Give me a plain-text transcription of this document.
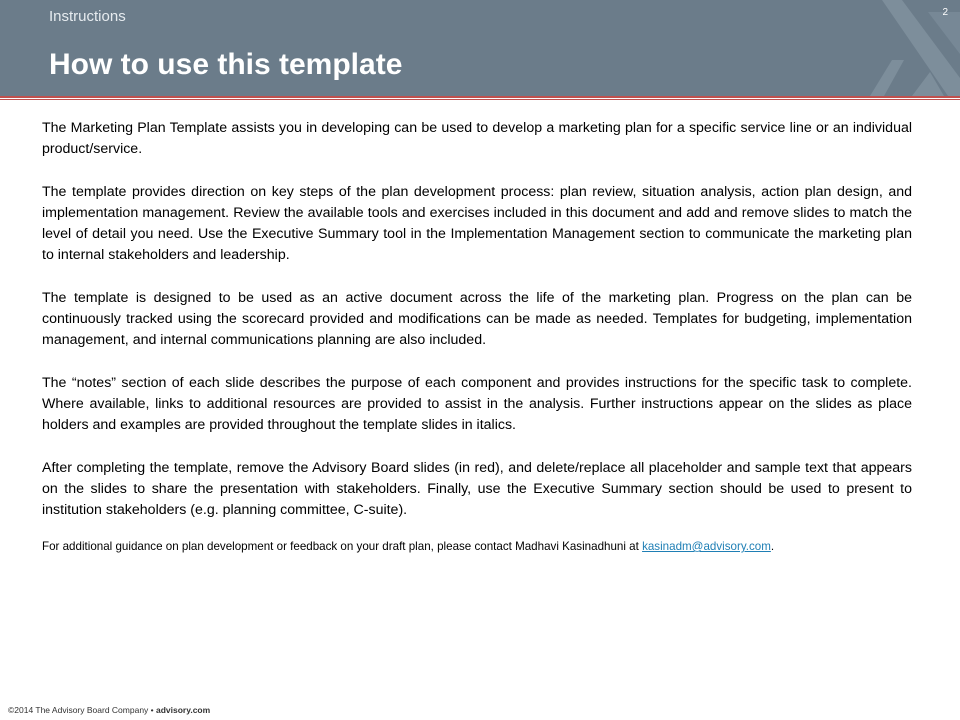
Instructions
How to use this template
2

The Marketing Plan Template assists you in developing can be used to develop a marketing plan for a specific service line or an individual product/service.

The template provides direction on key steps of the plan development process: plan review, situation analysis, action plan design, and implementation management. Review the available tools and exercises included in this document and add and remove slides to match the level of detail you need. Use the Executive Summary tool in the Implementation Management section to communicate the marketing plan to internal stakeholders and leadership.

The template is designed to be used as an active document across the life of the marketing plan. Progress on the plan can be continuously tracked using the scorecard provided and modifications can be made as needed. Templates for budgeting, implementation management, and internal communications planning are also included.

The “notes” section of each slide describes the purpose of each component and provides instructions for the specific task to complete. Where available, links to additional resources are provided to assist in the analysis. Further instructions appear on the slides as place holders and examples are provided throughout the template slides in italics.

After completing the template, remove the Advisory Board slides (in red), and delete/replace all placeholder and sample text that appears on the slides to share the presentation with stakeholders. Finally, use the Executive Summary section should be used to present to institution stakeholders (e.g. planning committee, C-suite).

For additional guidance on plan development or feedback on your draft plan, please contact Madhavi Kasinadhuni at kasinadm@advisory.com.

©2014 The Advisory Board Company • advisory.com
